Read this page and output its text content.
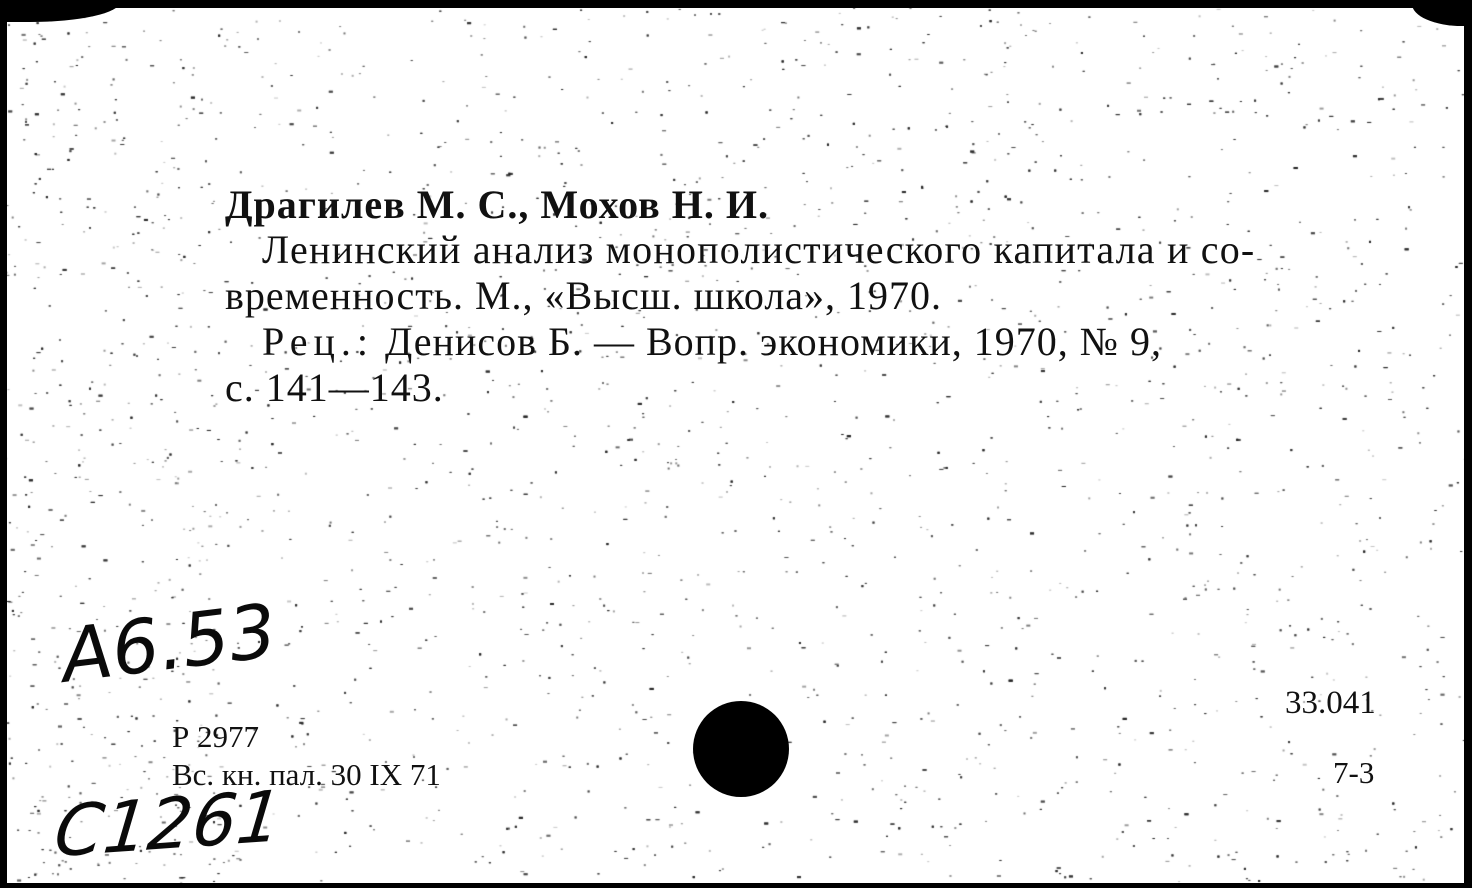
Драгилев М. С., Мохов Н. И.
Ленинский анализ монополистического капитала и со-
временность. М., «Высш. школа», 1970.
Рец.: Денисов Б. — Вопр. экономики, 1970, № 9,
с. 141—143.
А6.53
Р 2977
Вс. кн. пал. 30 IX 71
С1261
33.041
7-3
